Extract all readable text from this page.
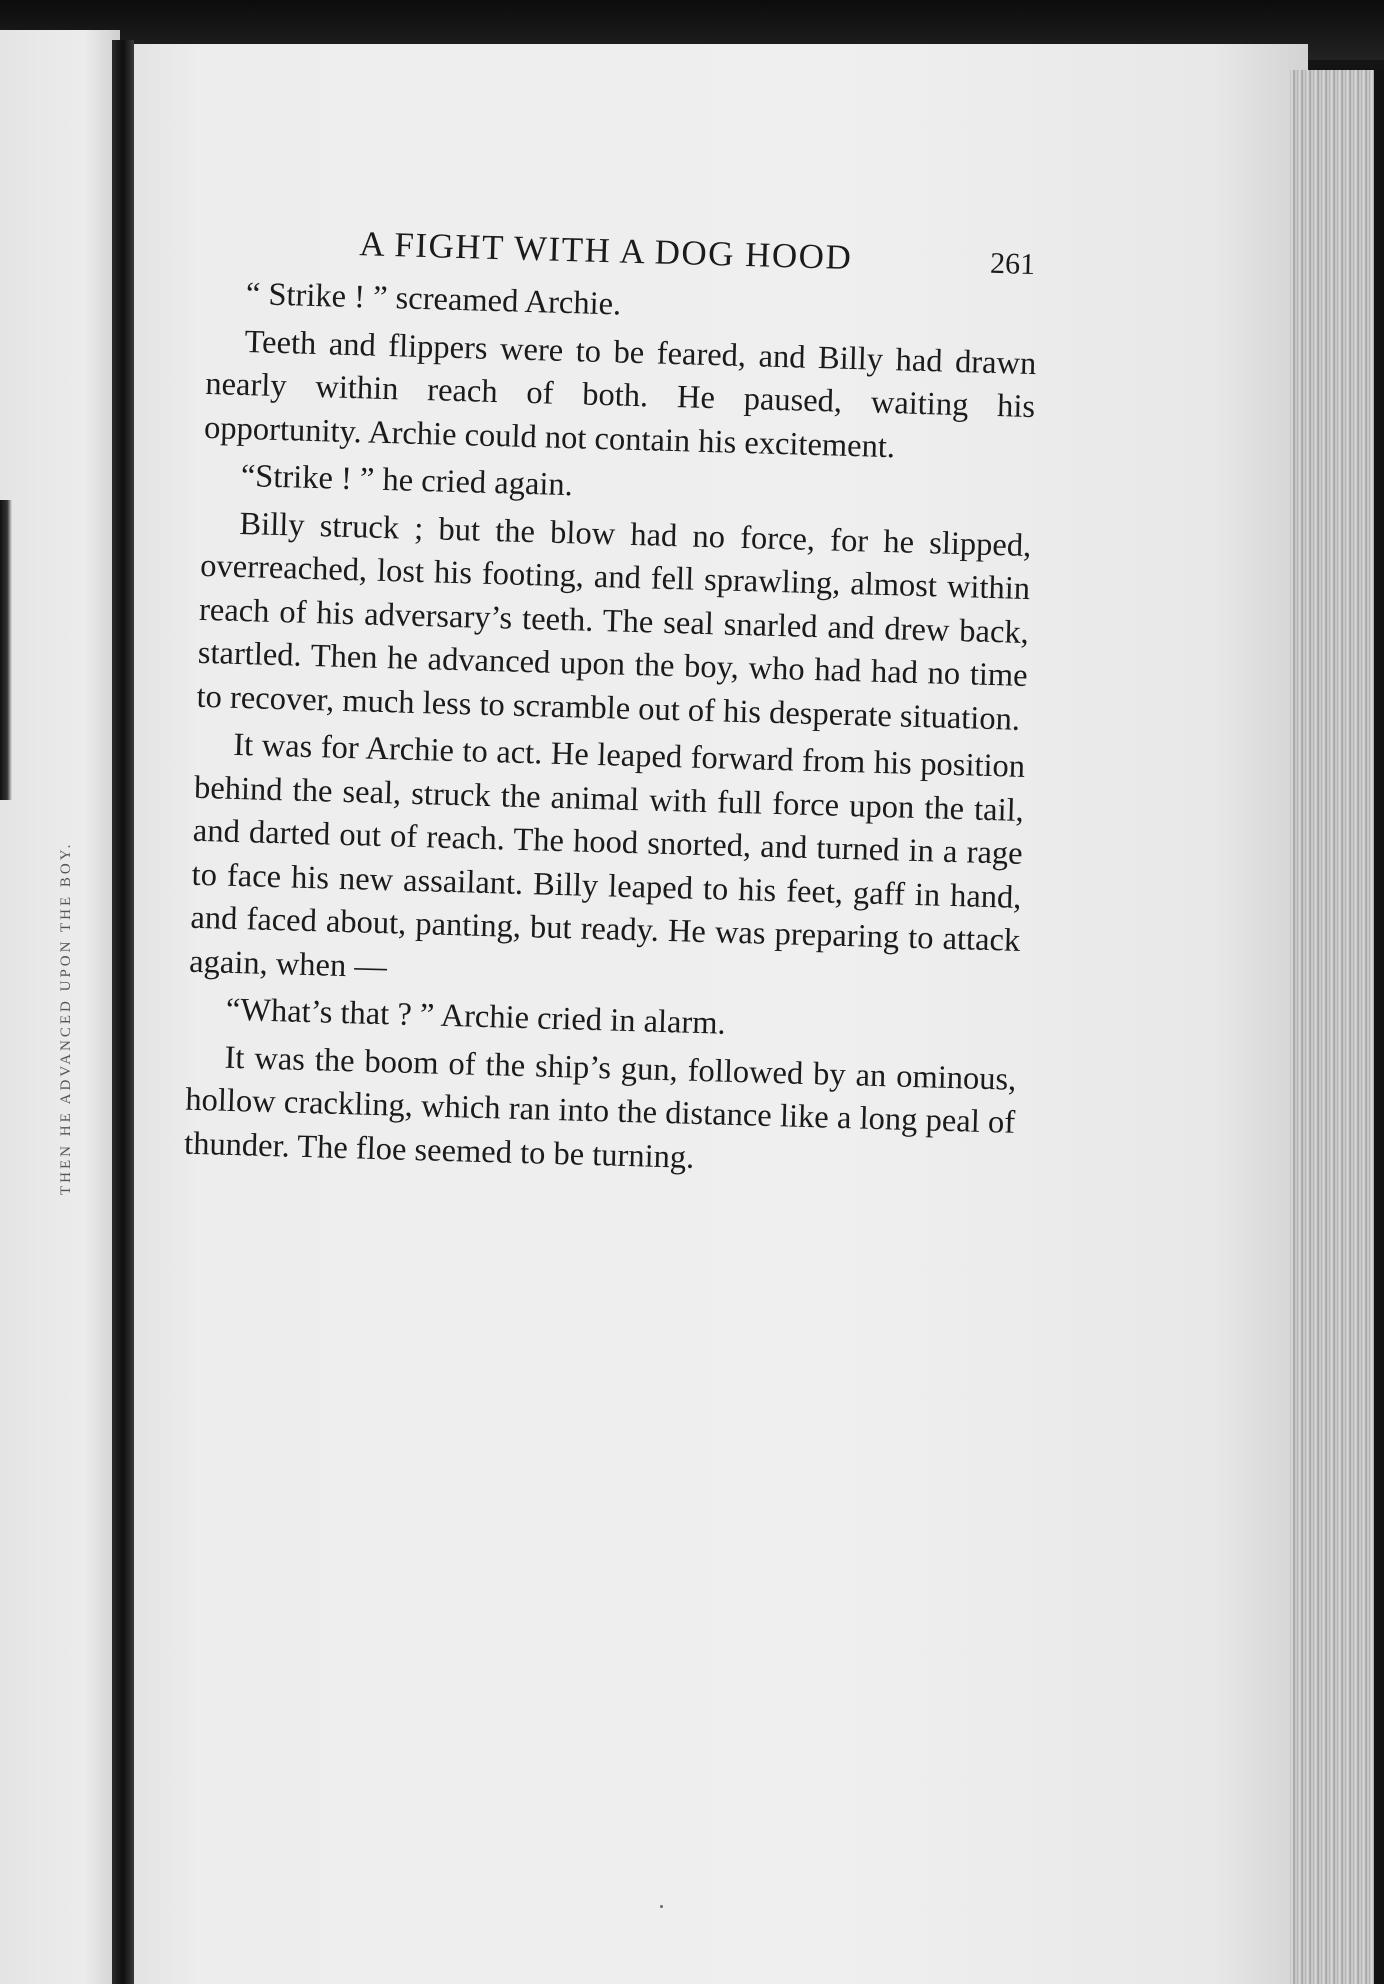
THEN HE ADVANCED UPON THE BOY.
A FIGHT WITH A DOG HOOD	261

“ Strike ! ” screamed Archie.

Teeth and flippers were to be feared, and Billy had drawn nearly within reach of both. He paused, waiting his opportunity. Archie could not contain his excitement.

“Strike ! ” he cried again.

Billy struck ; but the blow had no force, for he slipped, overreached, lost his footing, and fell sprawling, almost within reach of his adversary’s teeth. The seal snarled and drew back, startled. Then he advanced upon the boy, who had had no time to recover, much less to scramble out of his desperate situation.

It was for Archie to act. He leaped forward from his position behind the seal, struck the animal with full force upon the tail, and darted out of reach. The hood snorted, and turned in a rage to face his new assailant. Billy leaped to his feet, gaff in hand, and faced about, panting, but ready. He was preparing to attack again, when —

“What’s that ? ” Archie cried in alarm.

It was the boom of the ship’s gun, followed by an ominous, hollow crackling, which ran into the distance like a long peal of thunder. The floe seemed to be turning.
